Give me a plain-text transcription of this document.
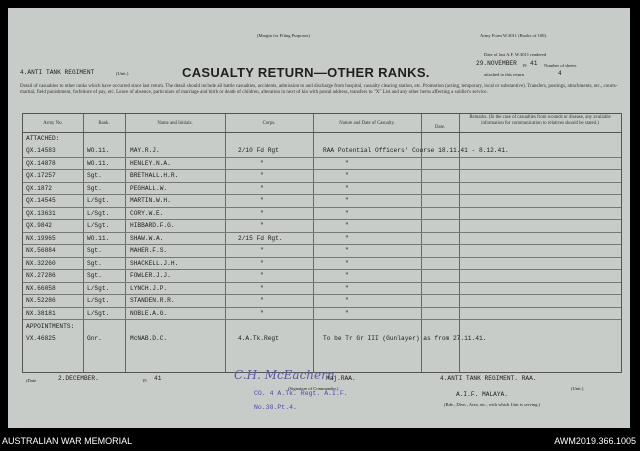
(Margin for Filing Purposes)	Army Form W.3011 (Books of 100).
4.ANTI TANK REGIMENT	(Unit.)	CASUALTY RETURN—OTHER RANKS.
Date of last A.F. W.3011 rendered
29.NOVEMBER 19 41 Number of sheets
4
attached to this return
Detail of casualties to other ranks which have occurred since last return. The detail should include all battle casualties, accidents, admission to and discharge from hospital, casualty clearing station, etc. Promotion (acting, temporary, local or substantive). Transfers, postings, attachments, etc., courts-martial, field punishment, forfeiture of pay, etc. Leave of absence, particulars of marriage and birth or death of children, alteration in next of kin with postal address, transfers to "X" List and any other items affecting a soldier's service.
Army No.	Rank.	Name and Initials.	Corps.	Nature and Date of Casualty.
Date.
Remarks. (In the case of casualties from wounds or disease, any available information for communication to relatives should be stated.)
ATTACHED:
QX.14583	WO.11.	MAY.R.J.	2/10 Fd Rgt	RAA Potential Officers' Course 18.11.41 - 8.12.41.
QX.14878	WO.11.	HENLEY.N.A.	"	"
QX.17257	Sgt.	BRETHALL.H.R.	"	"
QX.1872	Sgt.	PEGHALL.W.	"	"
QX.14545	L/Sgt.	MARTIN.W.H.	"	"
QX.13631	L/Sgt.	CORY.W.E.	"	"
QX.9842	L/Sgt.	HIBBARD.F.G.	"	"
NX.19965	WO.11.	SHAW.W.A.	2/15 Fd Rgt.	"
NX.56884	Sgt.	MAHER.F.S.	"	"
NX.32260	Sgt.	SHACKELL.J.H.	"	"
NX.27286	Sgt.	FOWLER.J.J.	"	"
NX.66058	L/Sgt.	LYNCH.J.P.	"	"
NX.52286	L/Sgt.	STANDEN.R.R.	"	"
NX.38181	L/Sgt.	NOBLE.A.G.	"	"
APPOINTMENTS:
VX.46825	Gnr.	McNAB.D.C.	4.A.Tk.Regt	To be Tr Gr III (Gunlayer) as from 27.11.41.
(Date	2.DECEMBER.	19 41	C.H. McEachern
Maj.RAA.
(Signature of Commander.)
CO. 4 A.Tk. Regt. A.I.F.
No.38.Pt.4.
4.ANTI TANK REGIMENT. RAA.
(Unit.)
A.I.F. MALAYA.
(Bde., Divn., Area, etc., with which Unit is serving.)
AUSTRALIAN WAR MEMORIAL	AWM2019.366.1005
